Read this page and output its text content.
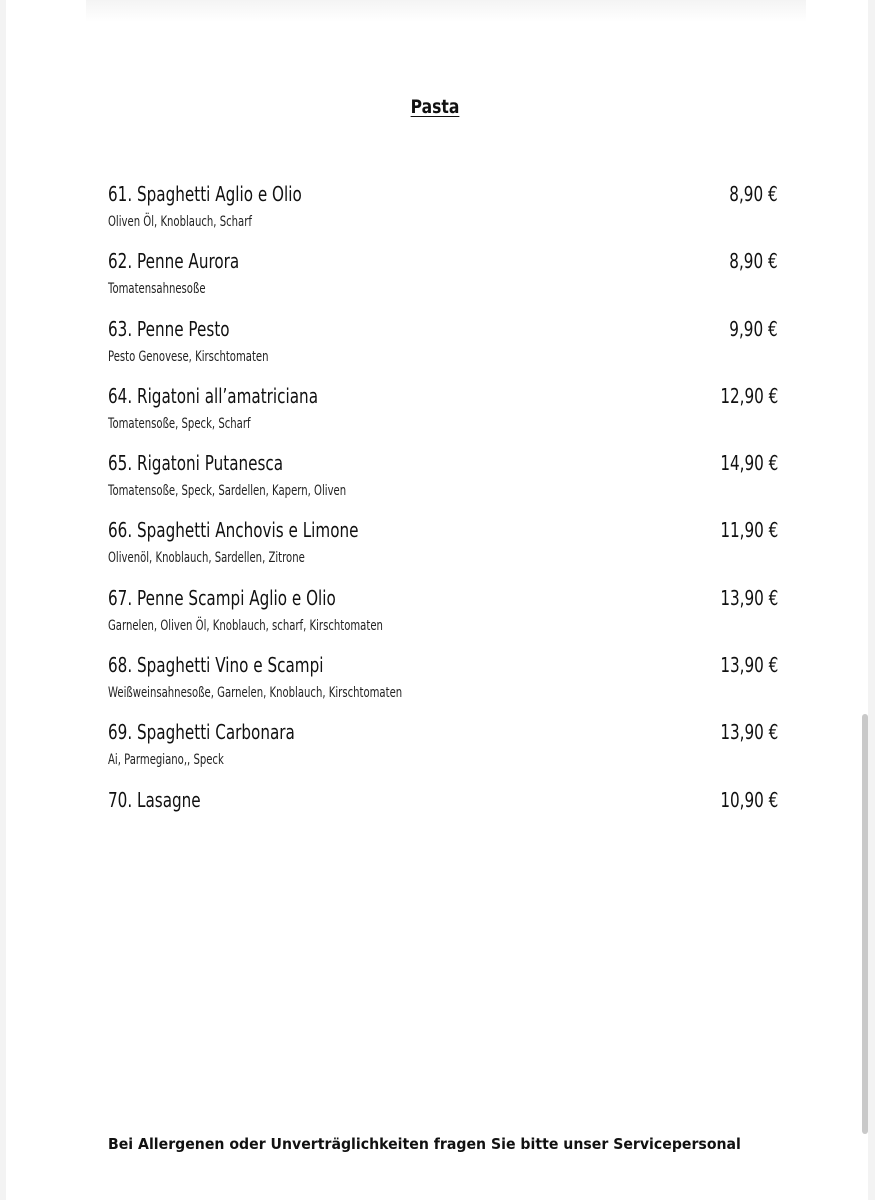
Pasta
61. Spaghetti Aglio e Olio
Oliven Öl, Knoblauch, Scharf
8,90 €
62. Penne Aurora
Tomatensahnesoße
8,90 €
63. Penne Pesto
Pesto Genovese, Kirschtomaten
9,90 €
64. Rigatoni all’amatriciana
Tomatensoße, Speck, Scharf
12,90 €
65. Rigatoni Putanesca
Tomatensoße, Speck, Sardellen, Kapern, Oliven
14,90 €
66. Spaghetti Anchovis e Limone
Olivenöl, Knoblauch, Sardellen, Zitrone
11,90 €
67. Penne Scampi Aglio e Olio
Garnelen, Oliven Öl, Knoblauch, scharf, Kirschtomaten
13,90 €
68. Spaghetti Vino e Scampi
Weißweinsahnesoße, Garnelen, Knoblauch, Kirschtomaten
13,90 €
69. Spaghetti Carbonara
Ai, Parmegiano,, Speck
13,90 €
70. Lasagne	10,90 €

Bei Allergenen oder Unverträglichkeiten fragen Sie bitte unser Servicepersonal
